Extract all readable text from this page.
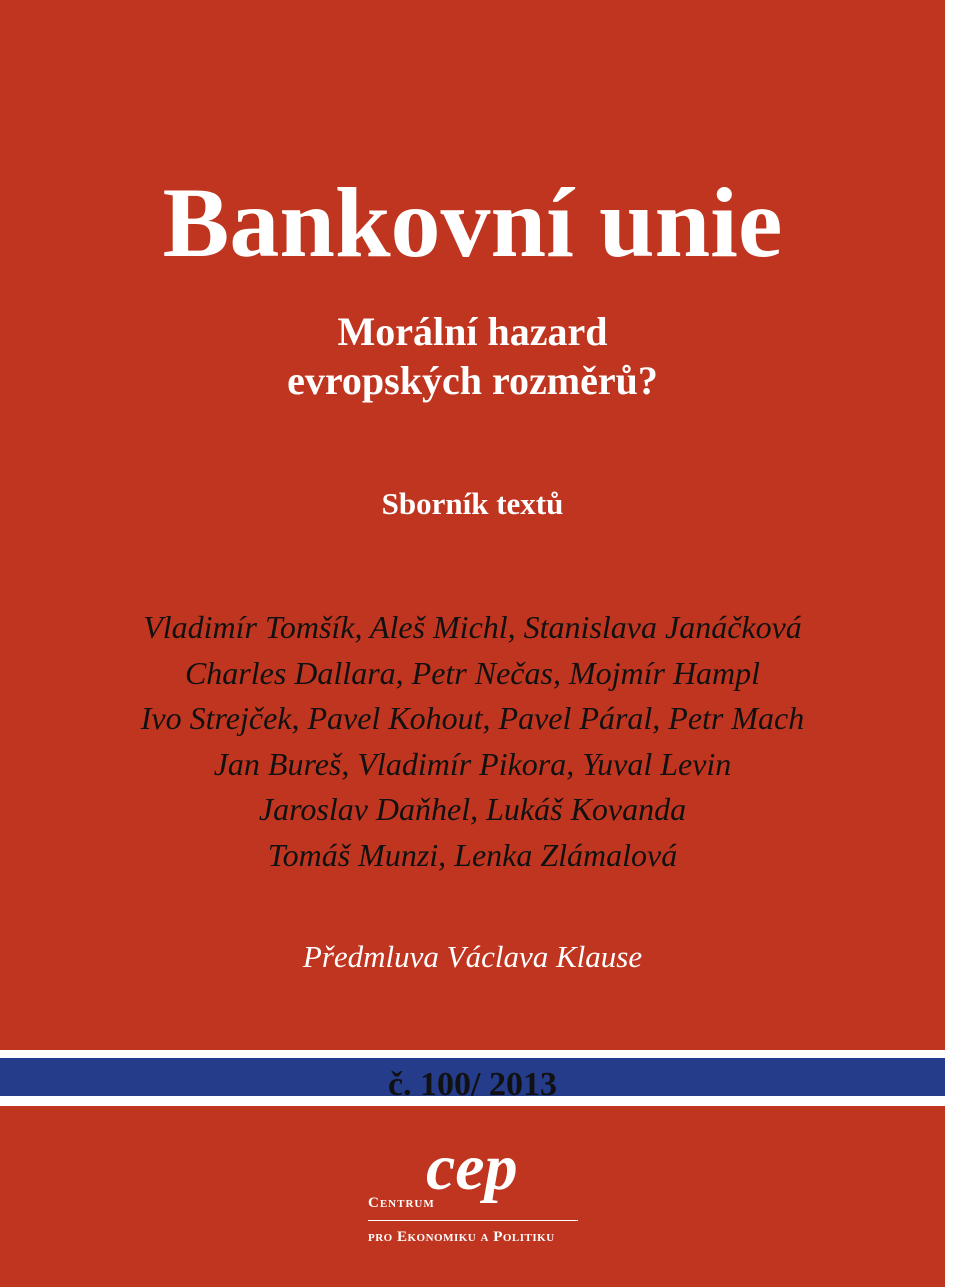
Bankovní unie
Morální hazard
evropských rozměrů?
Sborník textů
Vladimír Tomšík, Aleš Michl, Stanislava Janáčková
Charles Dallara, Petr Nečas, Mojmír Hampl
Ivo Strejček, Pavel Kohout, Pavel Páral, Petr Mach
Jan Bureš, Vladimír Pikora, Yuval Levin
Jaroslav Daňhel, Lukáš Kovanda
Tomáš Munzi, Lenka Zlámalová
Předmluva Václava Klause
č. 100/ 2013
cep
Centrum
pro Ekonomiku a Politiku
